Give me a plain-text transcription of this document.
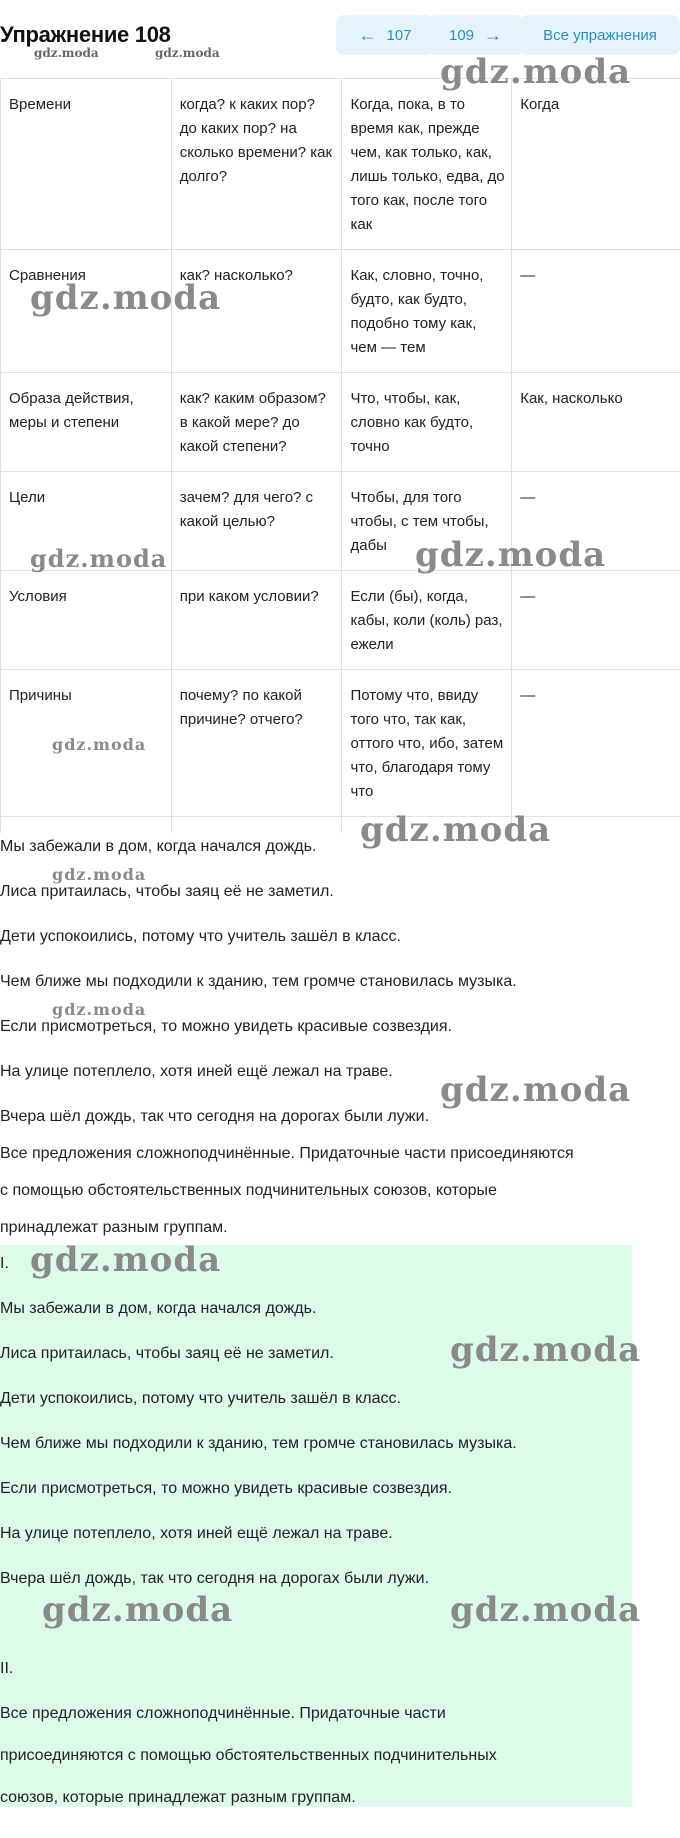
Упражнение 108
gdz.moda	gdz.moda
← 107 109 →	Все упражнения
Времени	когда? к каких пор? до каких пор? на сколько времени? как долго?	Когда, пока, в то время как, прежде чем, как только, как, лишь только, едва, до того как, после того как	Когда
Сравнения	как? насколько?	Как, словно, точно, будто, как будто, подобно тому как, чем — тем	—
Образа действия, меры и степени	как? каким образом? в какой мере? до какой степени?	Что, чтобы, как, словно как будто, точно	Как, насколько
Цели	зачем? для чего? с какой целью?	Чтобы, для того чтобы, с тем чтобы, дабы	—
Условия	при каком условии?	Если (бы), когда, кабы, коли (коль) раз, ежели	—
Причины	почему? по какой причине? отчего?	Потому что, ввиду того что, так как, оттого что, ибо, затем что, благодаря тому что	—

Мы забежали в дом, когда начался дождь.
Лиса притаилась, чтобы заяц её не заметил.
Дети успокоились, потому что учитель зашёл в класс.
Чем ближе мы подходили к зданию, тем громче становилась музыка.
Если присмотреться, то можно увидеть красивые созвездия.
На улице потеплело, хотя иней ещё лежал на траве.
Вчера шёл дождь, так что сегодня на дорогах были лужи.
Все предложения сложноподчинённые. Придаточные части присоединяются
с помощью обстоятельственных подчинительных союзов, которые
принадлежат разным группам.
I.
Мы забежали в дом, когда начался дождь.
Лиса притаилась, чтобы заяц её не заметил.
Дети успокоились, потому что учитель зашёл в класс.
Чем ближе мы подходили к зданию, тем громче становилась музыка.
Если присмотреться, то можно увидеть красивые созвездия.
На улице потеплело, хотя иней ещё лежал на траве.
Вчера шёл дождь, так что сегодня на дорогах были лужи.
II.
Все предложения сложноподчинённые. Придаточные части
присоединяются с помощью обстоятельственных подчинительных
союзов, которые принадлежат разным группам.
gdz.moda
gdz.moda
gdz.moda	gdz.moda
gdz.moda
gdz.moda
gdz.moda
gdz.moda
gdz.moda
gdz.moda
gdz.moda
gdz.moda	gdz.moda
